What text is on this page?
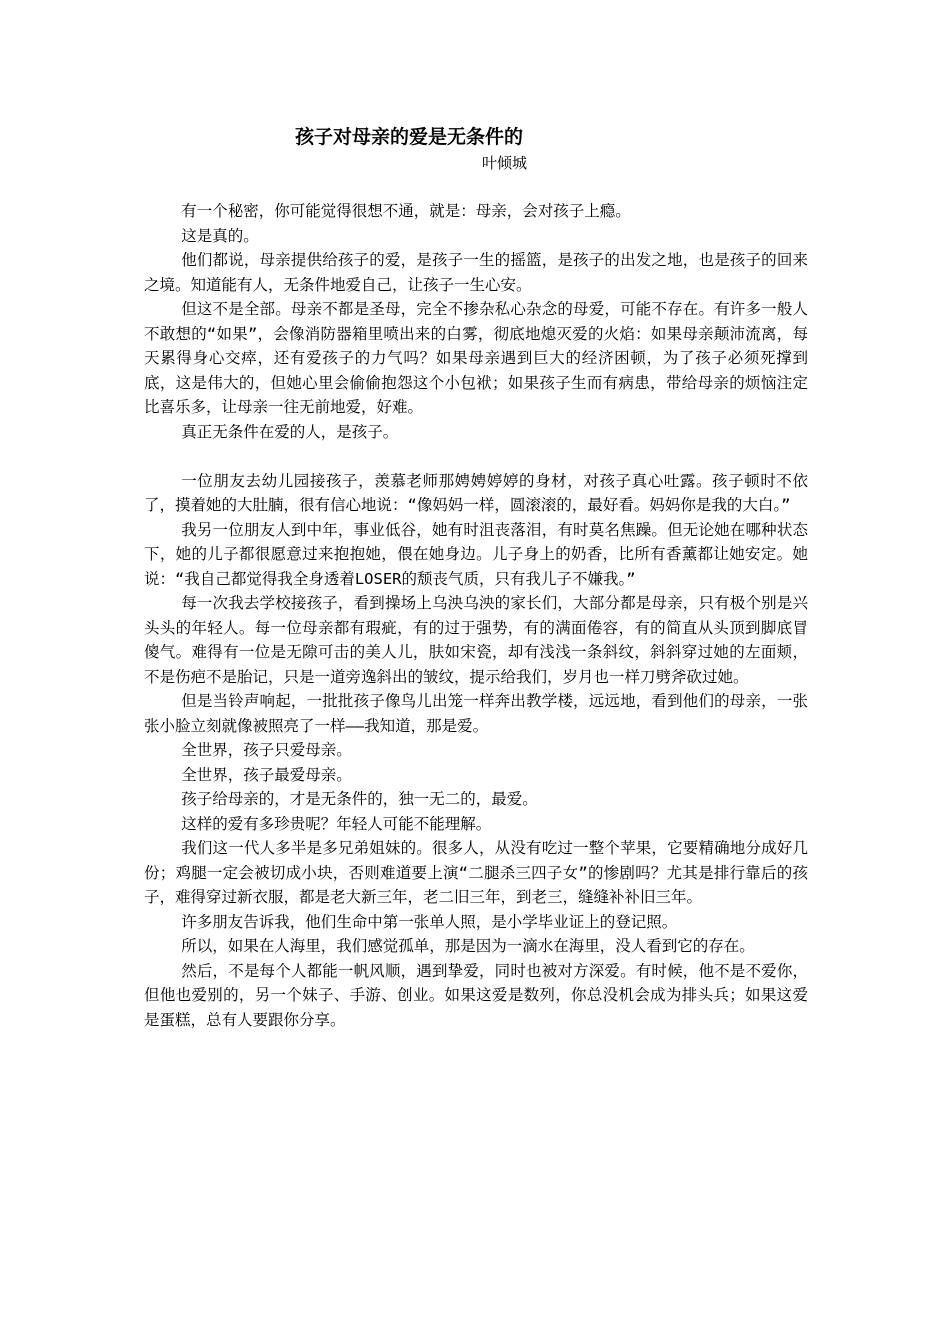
孩子对母亲的爱是无条件的
叶倾城

有一个秘密，你可能觉得很想不通，就是：母亲，会对孩子上瘾。

这是真的。

他们都说，母亲提供给孩子的爱，是孩子一生的摇篮，是孩子的出发之地，也是孩子的回来之境。知道能有人，无条件地爱自己，让孩子一生心安。

但这不是全部。母亲不都是圣母，完全不掺杂私心杂念的母爱，可能不存在。有许多一般人不敢想的“如果”，会像消防器箱里喷出来的白雾，彻底地熄灭爱的火焰：如果母亲颠沛流离，每天累得身心交瘁，还有爱孩子的力气吗？如果母亲遇到巨大的经济困顿，为了孩子必须死撑到底，这是伟大的，但她心里会偷偷抱怨这个小包袱；如果孩子生而有病患，带给母亲的烦恼注定比喜乐多，让母亲一往无前地爱，好难。

真正无条件在爱的人，是孩子。

一位朋友去幼儿园接孩子，羡慕老师那娉娉婷婷的身材，对孩子真心吐露。孩子顿时不依了，摸着她的大肚腩，很有信心地说：“像妈妈一样，圆滚滚的，最好看。妈妈你是我的大白。”

我另一位朋友人到中年，事业低谷，她有时沮丧落泪，有时莫名焦躁。但无论她在哪种状态下，她的儿子都很愿意过来抱抱她，偎在她身边。儿子身上的奶香，比所有香薰都让她安定。她说：“我自己都觉得我全身透着LOSER的颓丧气质，只有我儿子不嫌我。”

每一次我去学校接孩子，看到操场上乌泱乌泱的家长们，大部分都是母亲，只有极个别是兴头头的年轻人。每一位母亲都有瑕疵，有的过于强势，有的满面倦容，有的简直从头顶到脚底冒傻气。难得有一位是无隙可击的美人儿，肤如宋瓷，却有浅浅一条斜纹，斜斜穿过她的左面颊，不是伤疤不是胎记，只是一道旁逸斜出的皱纹，提示给我们，岁月也一样刀劈斧砍过她。

但是当铃声响起，一批批孩子像鸟儿出笼一样奔出教学楼，远远地，看到他们的母亲，一张张小脸立刻就像被照亮了一样——我知道，那是爱。

全世界，孩子只爱母亲。

全世界，孩子最爱母亲。

孩子给母亲的，才是无条件的，独一无二的，最爱。

这样的爱有多珍贵呢？年轻人可能不能理解。

我们这一代人多半是多兄弟姐妹的。很多人，从没有吃过一整个苹果，它要精确地分成好几份；鸡腿一定会被切成小块，否则难道要上演“二腿杀三四子女”的惨剧吗？尤其是排行靠后的孩子，难得穿过新衣服，都是老大新三年，老二旧三年，到老三，缝缝补补旧三年。

许多朋友告诉我，他们生命中第一张单人照，是小学毕业证上的登记照。

所以，如果在人海里，我们感觉孤单，那是因为一滴水在海里，没人看到它的存在。

然后，不是每个人都能一帆风顺，遇到挚爱，同时也被对方深爱。有时候，他不是不爱你，但他也爱别的，另一个妹子、手游、创业。如果这爱是数列，你总没机会成为排头兵；如果这爱是蛋糕，总有人要跟你分享。
